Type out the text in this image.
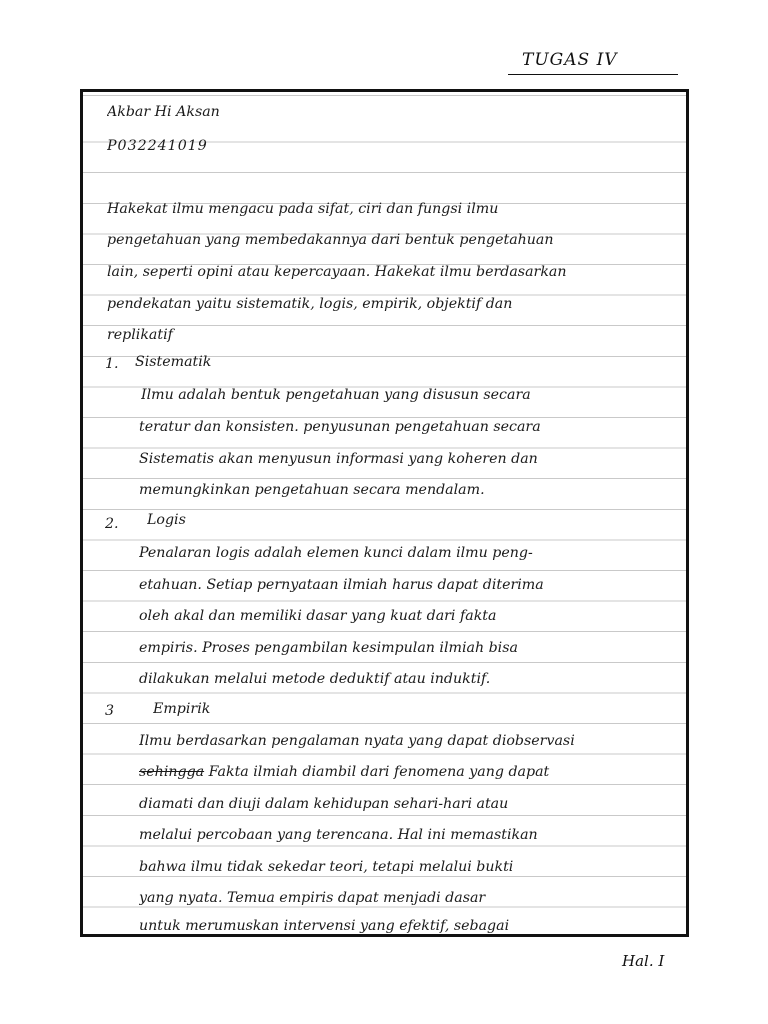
TUGAS IV
Akbar Hi Aksan
P032241019
Hakekat ilmu mengacu pada sifat, ciri dan fungsi ilmu
pengetahuan yang membedakannya dari bentuk pengetahuan
lain, seperti opini atau kepercayaan. Hakekat ilmu berdasarkan
pendekatan yaitu sistematik, logis, empirik, objektif dan
replikatif
1.	Sistematik
Ilmu adalah bentuk pengetahuan yang disusun secara
teratur dan konsisten. penyusunan pengetahuan secara
Sistematis akan menyusun informasi yang koheren dan
memungkinkan pengetahuan secara mendalam.
2.	Logis
Penalaran logis adalah elemen kunci dalam ilmu peng-
etahuan. Setiap pernyataan ilmiah harus dapat diterima
oleh akal dan memiliki dasar yang kuat dari fakta
empiris. Proses pengambilan kesimpulan ilmiah bisa
dilakukan melalui metode deduktif atau induktif.
3	Empirik
Ilmu berdasarkan pengalaman nyata yang dapat diobservasi
sehingga Fakta ilmiah diambil dari fenomena yang dapat
diamati dan diuji dalam kehidupan sehari-hari atau
melalui percobaan yang terencana. Hal ini memastikan
bahwa ilmu tidak sekedar teori, tetapi melalui bukti
yang nyata. Temua empiris dapat menjadi dasar
untuk merumuskan intervensi yang efektif, sebagai
Hal. I
